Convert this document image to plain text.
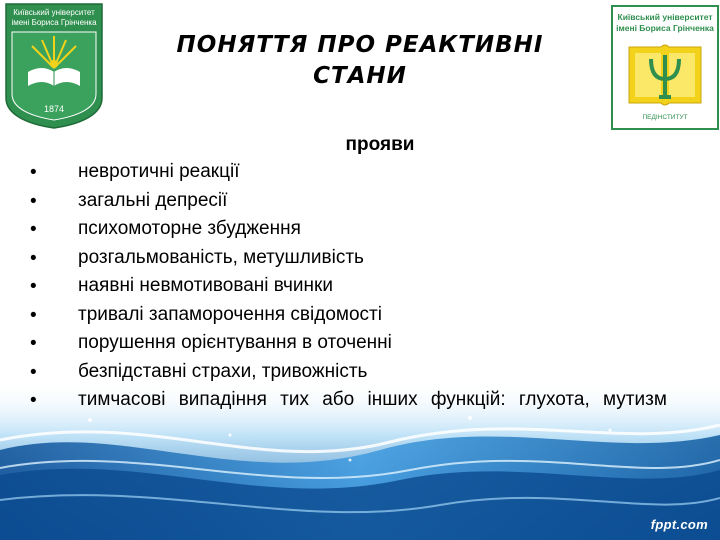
Київський університет
імені Бориса Грінченка
1874
Київський університет
імені Бориса Грінченка
ПЕДІНСТИТУТ
ПОНЯТТЯ ПРО РЕАКТИВНІ
СТАНИ
прояви
• невротичні реакції
• загальні депресії
• психомоторне збудження
• розгальмованість, метушливість
• наявні невмотивовані вчинки
• тривалі запаморочення свідомості
• порушення орієнтування в оточенні
• безпідставні страхи, тривожність
• тимчасові випадіння тих або інших функцій: глухота, мутизм
fppt.com
